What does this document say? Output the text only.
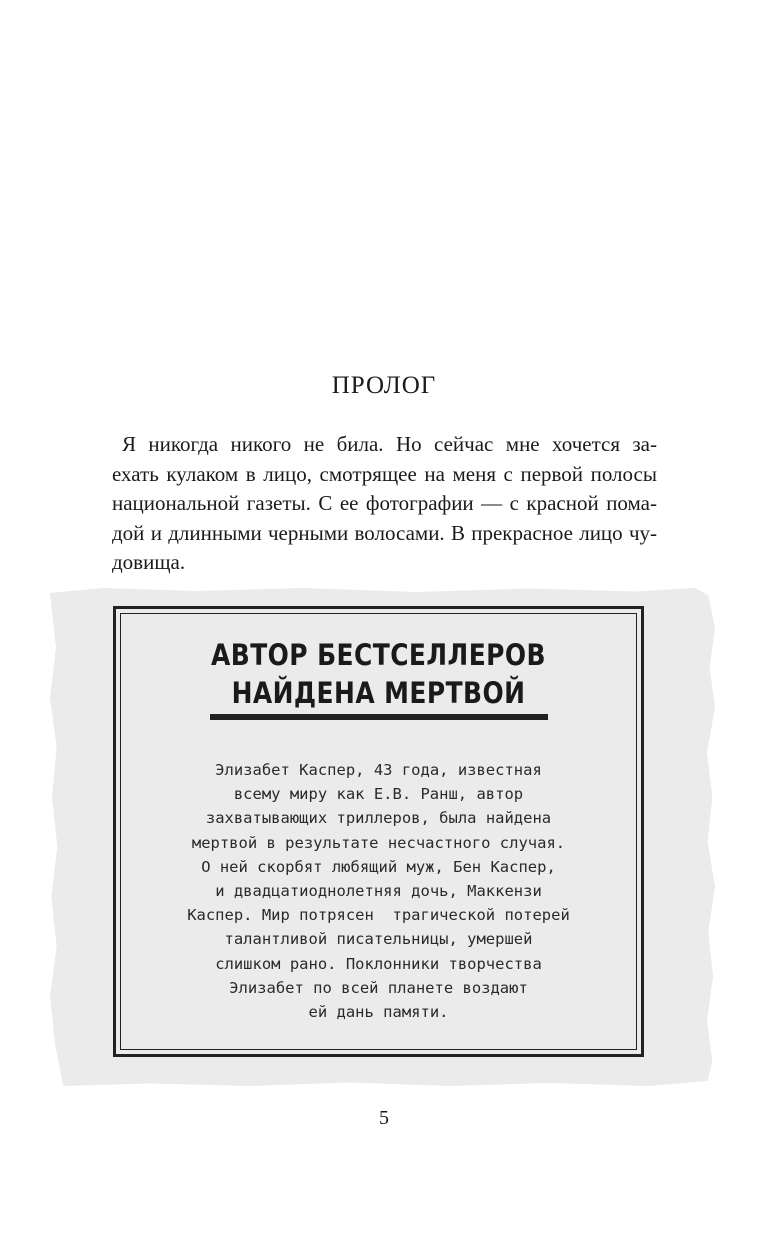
ПРОЛОГ
Я никогда никого не била. Но сейчас мне хочется за-
ехать кулаком в лицо, смотрящее на меня с первой полосы
национальной газеты. С ее фотографии — с красной пома-
дой и длинными черными волосами. В прекрасное лицо чу-
довища.
АВТОР БЕСТСЕЛЛЕРОВ
НАЙДЕНА МЕРТВОЙ
Элизабет Каспер, 43 года, известная
всему миру как Е.В. Ранш, автор
захватывающих триллеров, была найдена
мертвой в результате несчастного случая.
О ней скорбят любящий муж, Бен Каспер,
и двадцатиоднолетняя дочь, Маккензи
Каспер. Мир потрясен  трагической потерей
талантливой писательницы, умершей
слишком рано. Поклонники творчества
Элизабет по всей планете воздают
ей дань памяти.
5
